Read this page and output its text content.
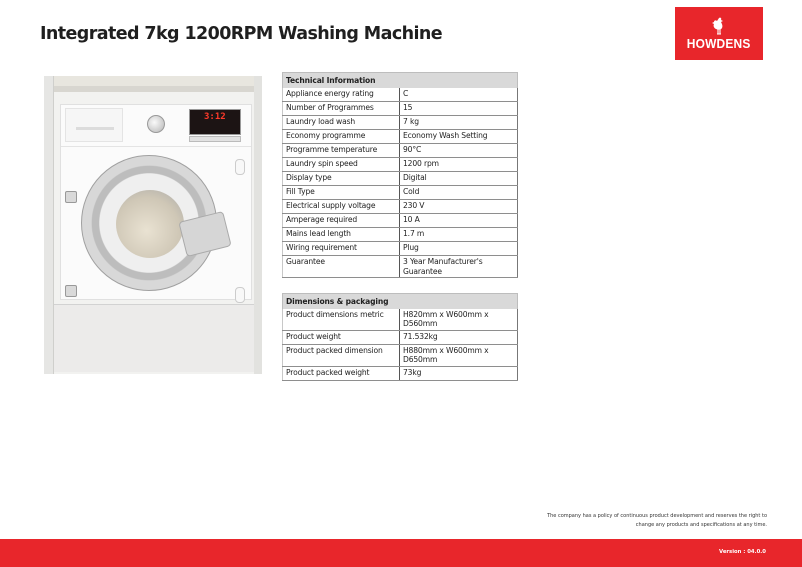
Integrated 7kg 1200RPM Washing Machine	HOWDENS
3:12
Technical Information	
Appliance energy rating	C
Number of Programmes	15
Laundry load wash	7 kg
Economy programme	Economy Wash Setting
Programme temperature	90°C
Laundry spin speed	1200 rpm
Display type	Digital
Fill Type	Cold
Electrical supply voltage	230 V
Amperage required	10 A
Mains lead length	1.7 m
Wiring requirement	Plug
Guarantee	3 Year Manufacturer's Guarantee
Dimensions & packaging	
Product dimensions metric	H820mm x W600mm x D560mm
Product weight	71.532kg
Product packed dimension	H880mm x W600mm x D650mm
Product packed weight	73kg
The company has a policy of continuous product development and reserves the right to
change any products and specifications at any time.
Version : 04.0.0
